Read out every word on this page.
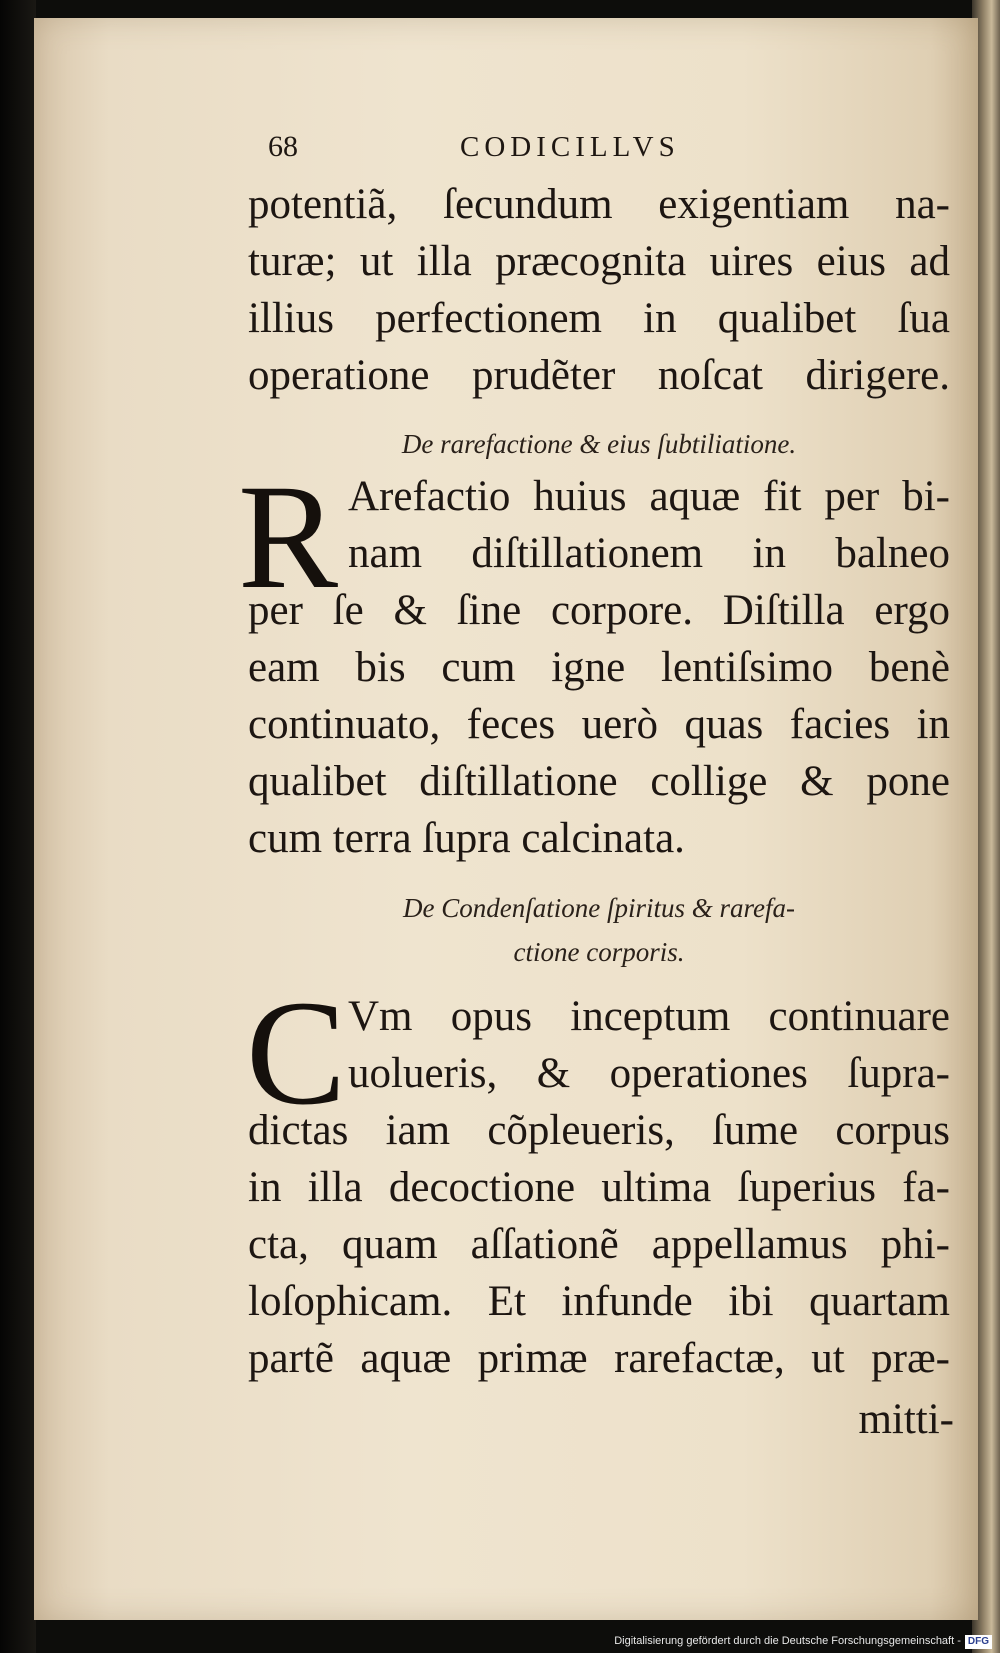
68	CODICILLVS
potentiã, ſecundum exigentiam na-
turæ; ut illa præcognita uires eius ad
illius perfectionem in qualibet ſua
operatione prudẽter noſcat dirigere.
De rarefactione & eius ſubtiliatione.
R Arefactio huius aquæ fit per bi-
nam diſtillationem in balneo
per ſe & ſine corpore. Diſtilla ergo
eam bis cum igne lentiſsimo benè
continuato, feces uerò quas facies in
qualibet diſtillatione collige & pone
cum terra ſupra calcinata.
De Condenſatione ſpiritus & rarefa-
ctione corporis.
C Vm opus inceptum continuare
uolueris, & operationes ſupra-
dictas iam cõpleueris, ſume corpus
in illa decoctione ultima ſuperius fa-
cta, quam aſſationẽ appellamus phi-
loſophicam. Et infunde ibi quartam
partẽ aquæ primæ rarefactæ, ut præ-
mitti-
Digitalisierung gefördert durch die Deutsche Forschungsgemeinschaft - DFG
